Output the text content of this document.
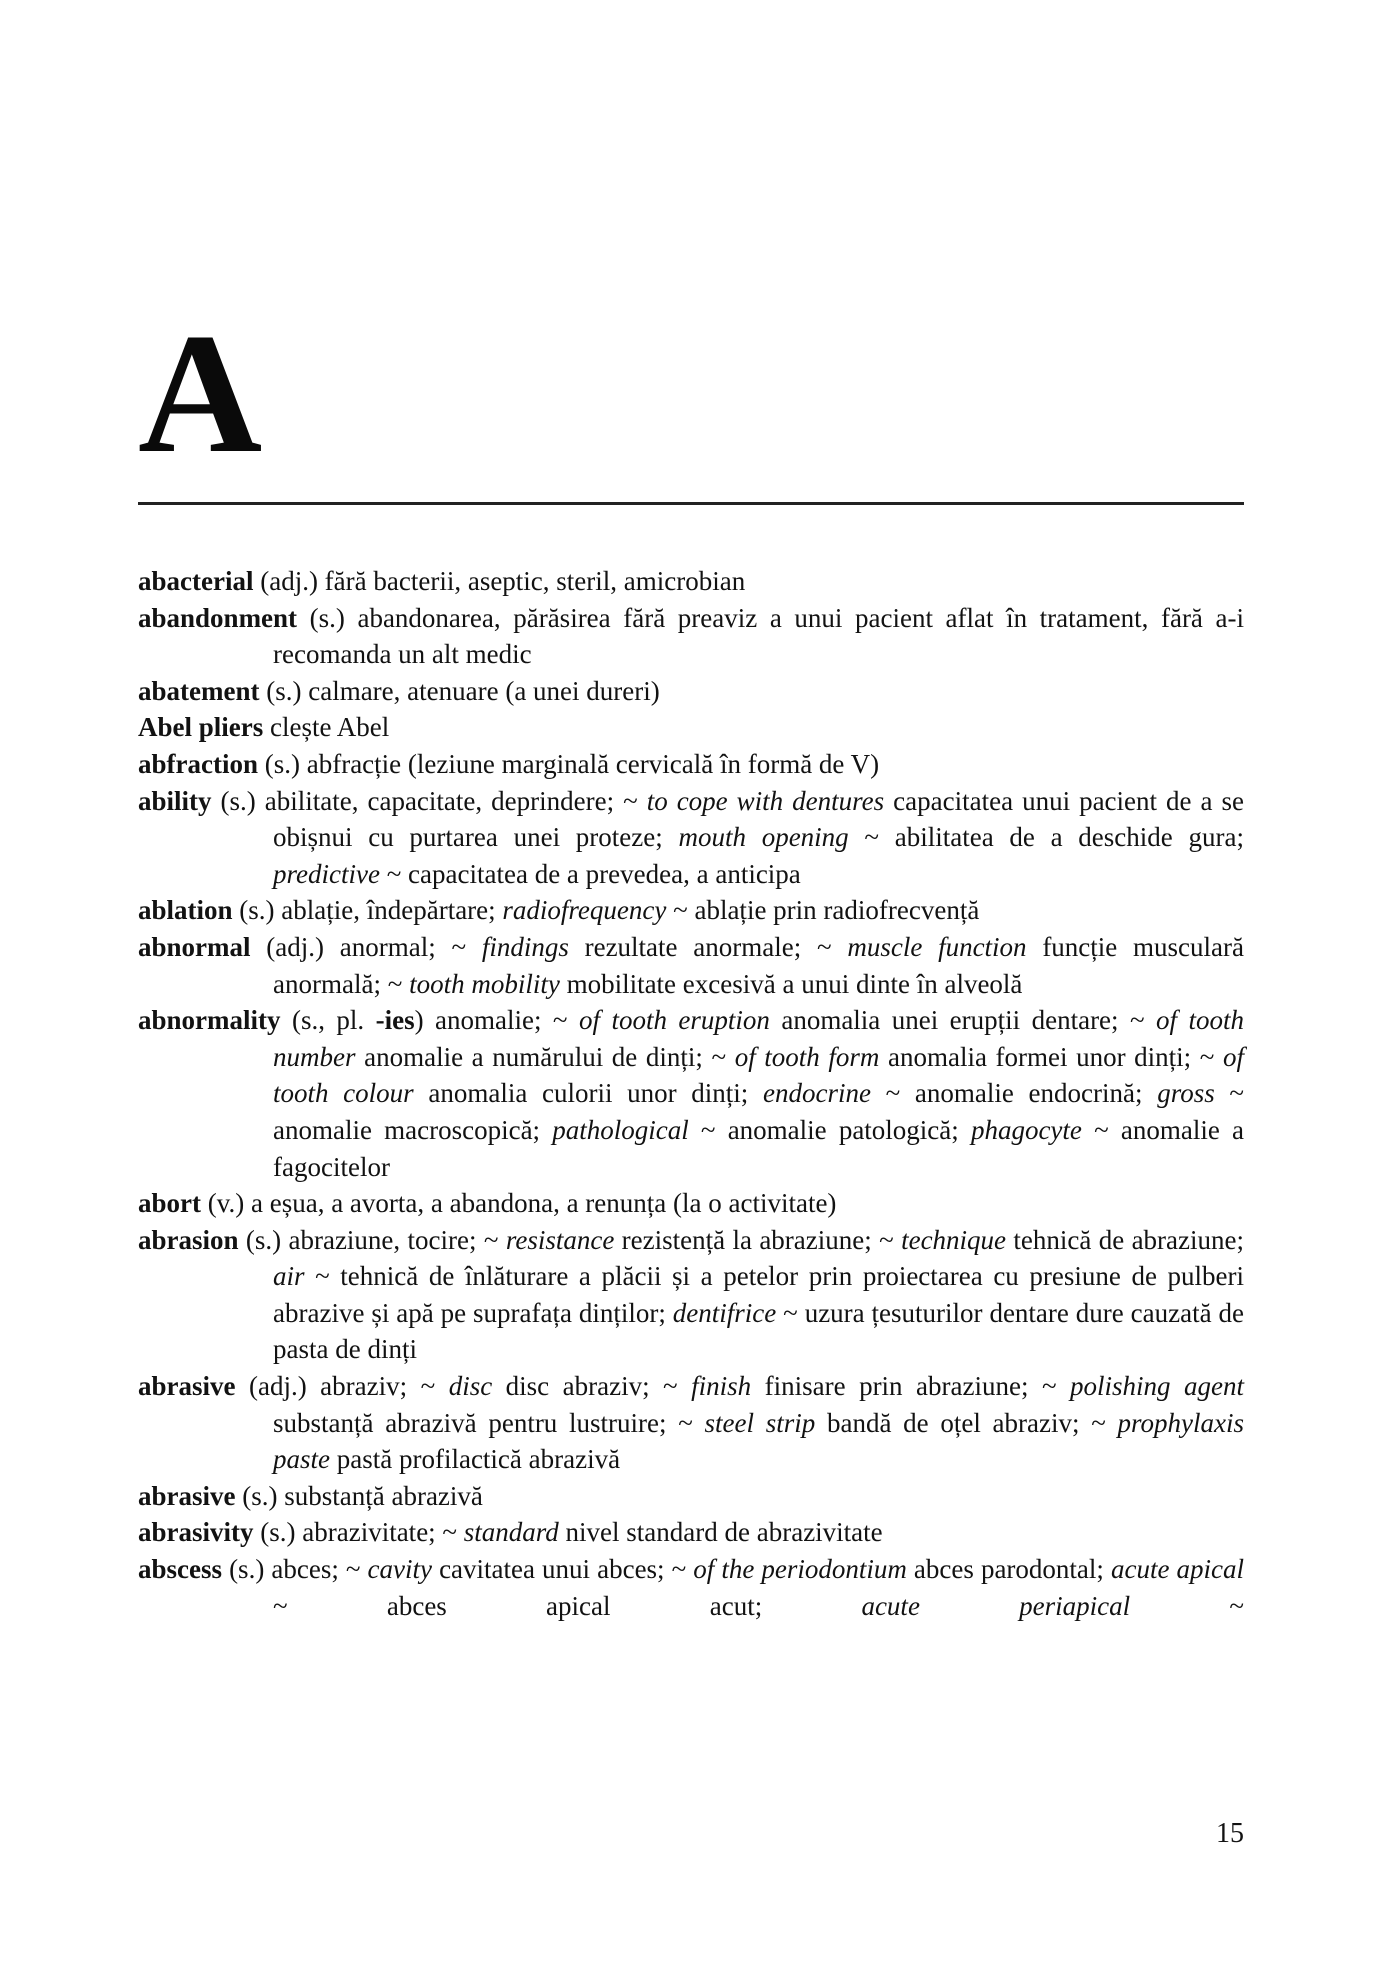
A

abacterial (adj.) fără bacterii, aseptic, steril, amicrobian

abandonment (s.) abandonarea, părăsirea fără preaviz a unui pacient aflat în tratament, fără a-i recomanda un alt medic

abatement (s.) calmare, atenuare (a unei dureri)

Abel pliers clește Abel

abfraction (s.) abfracție (leziune marginală cervicală în formă de V)

ability (s.) abilitate, capacitate, deprindere; ~ to cope with dentures capacitatea unui pacient de a se obișnui cu purtarea unei proteze; mouth opening ~ abilitatea de a deschide gura; predictive ~ capacitatea de a prevedea, a anticipa

ablation (s.) ablație, îndepărtare; radiofrequency ~ ablație prin radiofrecvență

abnormal (adj.) anormal; ~ findings rezultate anormale; ~ muscle function funcție musculară anormală; ~ tooth mobility mobilitate excesivă a unui dinte în alveolă

abnormality (s., pl. -ies) anomalie; ~ of tooth eruption anomalia unei erupții dentare; ~ of tooth number anomalie a numărului de dinți; ~ of tooth form anomalia formei unor dinți; ~ of tooth colour anomalia culorii unor dinți; endocrine ~ anomalie endocrină; gross ~ anomalie macroscopică; pathological ~ anomalie patologică; phagocyte ~ anomalie a fagocitelor

abort (v.) a eșua, a avorta, a abandona, a renunța (la o activitate)

abrasion (s.) abraziune, tocire; ~ resistance rezistență la abraziune; ~ technique tehnică de abraziune; air ~ tehnică de înlăturare a plăcii și a petelor prin proiectarea cu presiune de pulberi abrazive și apă pe suprafața dinților; dentifrice ~ uzura țesuturilor dentare dure cauzată de pasta de dinți

abrasive (adj.) abraziv; ~ disc disc abraziv; ~ finish finisare prin abraziune; ~ polishing agent substanță abrazivă pentru lustruire; ~ steel strip bandă de oțel abraziv; ~ prophylaxis paste pastă profilactică abrazivă

abrasive (s.) substanță abrazivă

abrasivity (s.) abrazivitate; ~ standard nivel standard de abrazivitate

abscess (s.) abces; ~ cavity cavitatea unui abces; ~ of the periodontium abces parodontal; acute apical ~ abces apical acut; acute periapical ~

15
